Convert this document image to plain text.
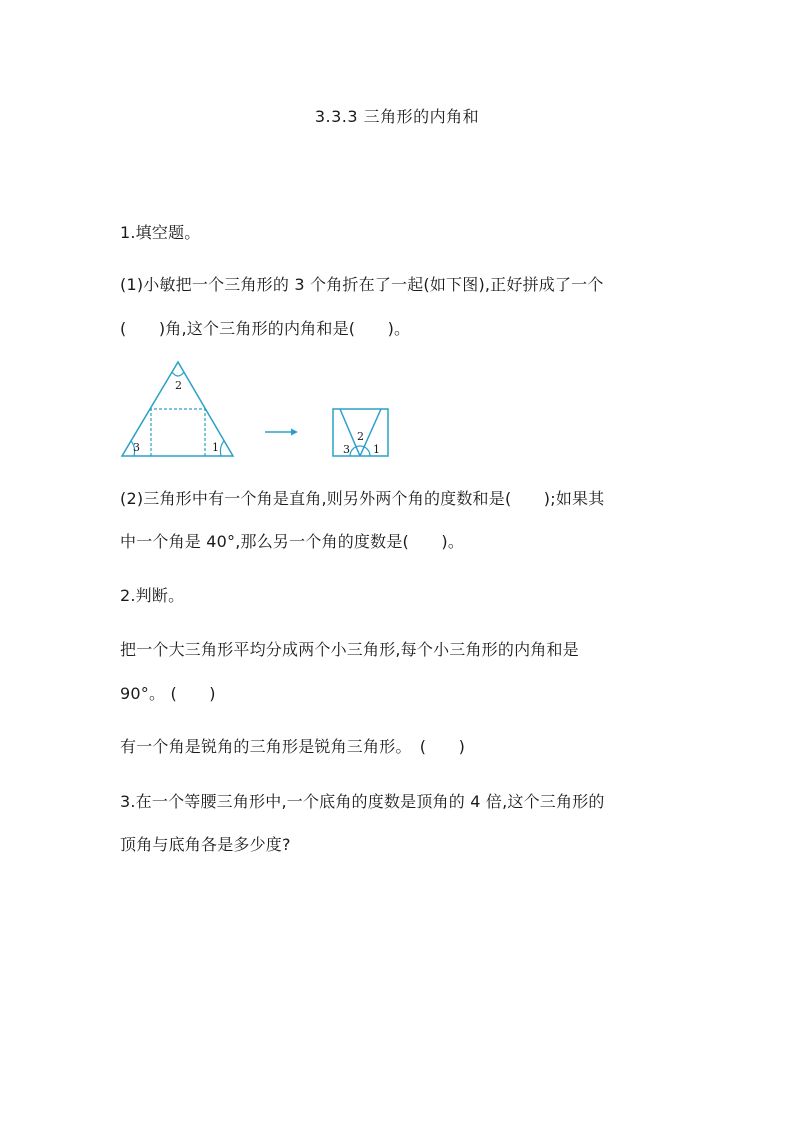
3.3.3 三角形的内角和
1.填空题。
(1)小敏把一个三角形的 3 个角折在了一起(如下图),正好拼成了一个
(　　)角,这个三角形的内角和是(　　)。
2
3	1
2
3 1
(2)三角形中有一个角是直角,则另外两个角的度数和是(　　);如果其
中一个角是 40°,那么另一个角的度数是(　　)。
2.判断。
把一个大三角形平均分成两个小三角形,每个小三角形的内角和是
90°。 (　　)
有一个角是锐角的三角形是锐角三角形。　(　　)
3.在一个等腰三角形中,一个底角的度数是顶角的 4 倍,这个三角形的
顶角与底角各是多少度?
